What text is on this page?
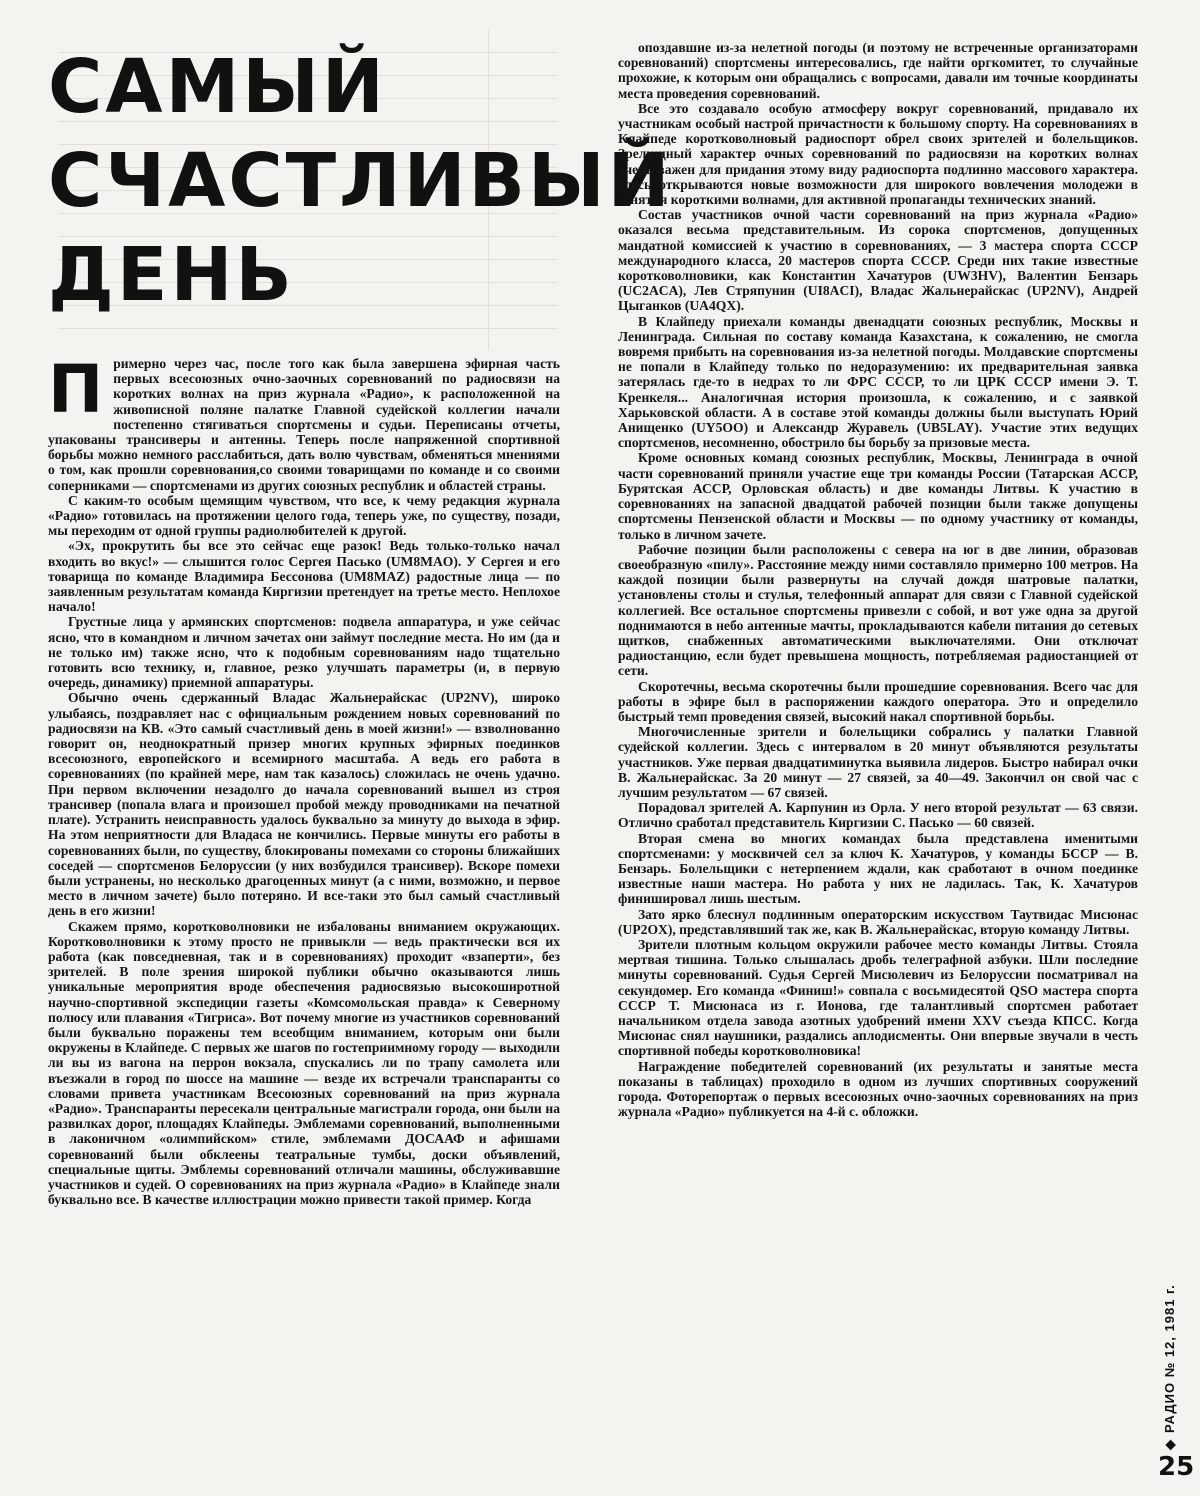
САМЫЙ
СЧАСТЛИВЫЙ
ДЕНЬ

Примерно через час, после того как была завершена эфирная часть первых всесоюзных очно-заочных соревнований по радиосвязи на коротких волнах на приз журнала «Радио», к расположенной на живописной поляне палатке Главной судейской коллегии начали постепенно стягиваться спортсмены и судьи. Переписаны отчеты, упакованы трансиверы и антенны. Теперь после напряженной спортивной борьбы можно немного расслабиться, дать волю чувствам, обменяться мнениями о том, как прошли соревнования,со своими товарищами по команде и со своими соперниками — спортсменами из других союзных республик и областей страны.

С каким-то особым щемящим чувством, что все, к чему редакция журнала «Радио» готовилась на протяжении целого года, теперь уже, по существу, позади, мы переходим от одной группы радиолюбителей к другой.

«Эх, прокрутить бы все это сейчас еще разок! Ведь только-только начал входить во вкус!» — слышится голос Сергея Пасько (UM8MAO). У Сергея и его товарища по команде Владимира Бессонова (UM8MAZ) радостные лица — по заявленным результатам команда Киргизии претендует на третье место. Неплохое начало!

Грустные лица у армянских спортсменов: подвела аппаратура, и уже сейчас ясно, что в командном и личном зачетах они займут последние места. Но им (да и не только им) также ясно, что к подобным соревнованиям надо тщательно готовить всю технику, и, главное, резко улучшать параметры (и, в первую очередь, динамику) приемной аппаратуры.

Обычно очень сдержанный Владас Жальнерайскас (UP2NV), широко улыбаясь, поздравляет нас с официальным рождением новых соревнований по радиосвязи на КВ. «Это самый счастливый день в моей жизни!» — взволнованно говорит он, неоднократный призер многих крупных эфирных поединков всесоюзного, европейского и всемирного масштаба. А ведь его работа в соревнованиях (по крайней мере, нам так казалось) сложилась не очень удачно. При первом включении незадолго до начала соревнований вышел из строя трансивер (попала влага и произошел пробой между проводниками на печатной плате). Устранить неисправность удалось буквально за минуту до выхода в эфир. На этом неприятности для Владаса не кончились. Первые минуты его работы в соревнованиях были, по существу, блокированы помехами со стороны ближайших соседей — спортсменов Белоруссии (у них возбудился трансивер). Вскоре помехи были устранены, но несколько драгоценных минут (а с ними, возможно, и первое место в личном зачете) было потеряно. И все-таки это был самый счастливый день в его жизни!

Скажем прямо, коротковолновики не избалованы вниманием окружающих. Коротковолновики к этому просто не привыкли — ведь практически вся их работа (как повседневная, так и в соревнованиях) проходит «взаперти», без зрителей. В поле зрения широкой публики обычно оказываются лишь уникальные мероприятия вроде обеспечения радиосвязью высокоширотной научно-спортивной экспедиции газеты «Комсомольская правда» к Северному полюсу или плавания «Тигриса». Вот почему многие из участников соревнований были буквально поражены тем всеобщим вниманием, которым они были окружены в Клайпеде. С первых же шагов по гостеприимному городу — выходили ли вы из вагона на перрон вокзала, спускались ли по трапу самолета или въезжали в город по шоссе на машине — везде их встречали транспаранты со словами привета участникам Всесоюзных соревнований на приз журнала «Радио». Транспаранты пересекали центральные магистрали города, они были на развилках дорог, площадях Клайпеды. Эмблемами соревнований, выполненными в лаконичном «олимпийском» стиле, эмблемами ДОСААФ и афишами соревнований были обклеены театральные тумбы, доски объявлений, специальные щиты. Эмблемы соревнований отличали машины, обслуживавшие участников и судей. О соревнованиях на приз журнала «Радио» в Клайпеде знали буквально все. В качестве иллюстрации можно привести такой пример. Когда

опоздавшие из-за нелетной погоды (и поэтому не встреченные организаторами соревнований) спортсмены интересовались, где найти оргкомитет, то случайные прохожие, к которым они обращались с вопросами, давали им точные координаты места проведения соревнований.

Все это создавало особую атмосферу вокруг соревнований, придавало их участникам особый настрой причастности к большому спорту. На соревнованиях в Клайпеде коротковолновый радиоспорт обрел своих зрителей и болельщиков. Зрелищный характер очных соревнований по радиосвязи на коротких волнах очень важен для придания этому виду радиоспорта подлинно массового характера. Здесь открываются новые возможности для широкого вовлечения молодежи в занятия короткими волнами, для активной пропаганды технических знаний.

Состав участников очной части соревнований на приз журнала «Радио» оказался весьма представительным. Из сорока спортсменов, допущенных мандатной комиссией к участию в соревнованиях, — 3 мастера спорта СССР международного класса, 20 мастеров спорта СССР. Среди них такие известные коротковолновики, как Константин Хачатуров (UW3HV), Валентин Бензарь (UC2ACA), Лев Стряпунин (UI8ACI), Владас Жальнерайскас (UP2NV), Андрей Цыганков (UA4QX).

В Клайпеду приехали команды двенадцати союзных республик, Москвы и Ленинграда. Сильная по составу команда Казахстана, к сожалению, не смогла вовремя прибыть на соревнования из-за нелетной погоды. Молдавские спортсмены не попали в Клайпеду только по недоразумению: их предварительная заявка затерялась где-то в недрах то ли ФРС СССР, то ли ЦРК СССР имени Э. Т. Кренкеля... Аналогичная история произошла, к сожалению, и с заявкой Харьковской области. А в составе этой команды должны были выступать Юрий Анищенко (UY5OO) и Александр Журавель (UB5LAY). Участие этих ведущих спортсменов, несомненно, обострило бы борьбу за призовые места.

Кроме основных команд союзных республик, Москвы, Ленинграда в очной части соревнований приняли участие еще три команды России (Татарская АССР, Бурятская АССР, Орловская область) и две команды Литвы. К участию в соревнованиях на запасной двадцатой рабочей позиции были также допущены спортсмены Пензенской области и Москвы — по одному участнику от команды, только в личном зачете.

Рабочие позиции были расположены с севера на юг в две линии, образовав своеобразную «пилу». Расстояние между ними составляло примерно 100 метров. На каждой позиции были развернуты на случай дождя шатровые палатки, установлены столы и стулья, телефонный аппарат для связи с Главной судейской коллегией. Все остальное спортсмены привезли с собой, и вот уже одна за другой поднимаются в небо антенные мачты, прокладываются кабели питания до сетевых щитков, снабженных автоматическими выключателями. Они отключат радиостанцию, если будет превышена мощность, потребляемая радиостанцией от сети.

Скоротечны, весьма скоротечны были прошедшие соревнования. Всего час для работы в эфире был в распоряжении каждого оператора. Это и определило быстрый темп проведения связей, высокий накал спортивной борьбы.

Многочисленные зрители и болельщики собрались у палатки Главной судейской коллегии. Здесь с интервалом в 20 минут объявляются результаты участников. Уже первая двадцатиминутка выявила лидеров. Быстро набирал очки В. Жальнерайскас. За 20 минут — 27 связей, за 40—49. Закончил он свой час с лучшим результатом — 67 связей.

Порадовал зрителей А. Карпунин из Орла. У него второй результат — 63 связи. Отлично сработал представитель Киргизии С. Пасько — 60 связей.

Вторая смена во многих командах была представлена именитыми спортсменами: у москвичей сел за ключ К. Хачатуров, у команды БССР — В. Бензарь. Болельщики с нетерпением ждали, как сработают в очном поединке известные наши мастера. Но работа у них не ладилась. Так, К. Хачатуров финишировал лишь шестым.

Зато ярко блеснул подлинным операторским искусством Таутвидас Мисюнас (UP2OX), представлявший так же, как В. Жальнерайскас, вторую команду Литвы.

Зрители плотным кольцом окружили рабочее место команды Литвы. Стояла мертвая тишина. Только слышалась дробь телеграфной азбуки. Шли последние минуты соревнований. Судья Сергей Мисюлевич из Белоруссии посматривал на секундомер. Его команда «Финиш!» совпала с восьмидесятой QSO мастера спорта СССР Т. Мисюнаса из г. Ионова, где талантливый спортсмен работает начальником отдела завода азотных удобрений имени XXV съезда КПСС. Когда Мисюнас снял наушники, раздались аплодисменты. Они впервые звучали в честь спортивной победы коротковолновика!

Награждение победителей соревнований (их результаты и занятые места показаны в таблицах) проходило в одном из лучших спортивных сооружений города. Фоторепортаж о первых всесоюзных очно-заочных соревнованиях на приз журнала «Радио» публикуется на 4-й с. обложки.

◆РАДИО № 12, 1981 г.
25
